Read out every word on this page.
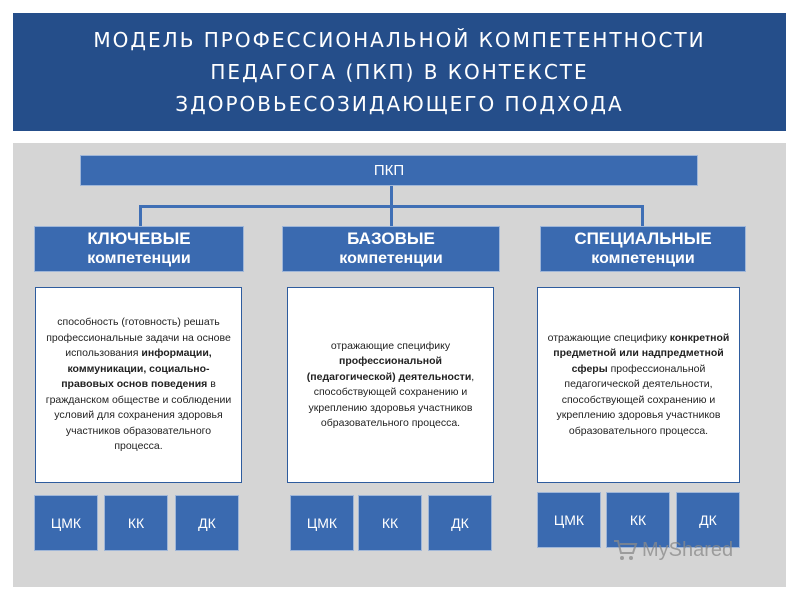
МОДЕЛЬ ПРОФЕССИОНАЛЬНОЙ КОМПЕТЕНТНОСТИ
ПЕДАГОГА (ПКП) В КОНТЕКСТЕ
ЗДОРОВЬЕСОЗИДАЮЩЕГО ПОДХОДА
ПКП
КЛЮЧЕВЫЕ
компетенции
способность (готовность) решать профессиональные задачи на основе использования информации, коммуникации, социально-правовых основ поведения в гражданском обществе и соблюдении условий для сохранения здоровья участников образовательного процесса.
ЦМК	КК	ДК
БАЗОВЫЕ
компетенции
отражающие специфику профессиональной (педагогической) деятельности, способствующей сохранению и укреплению здоровья участников образовательного процесса.
ЦМК	КК	ДК
СПЕЦИАЛЬНЫЕ
компетенции
отражающие специфику конкретной предметной или надпредметной сферы профессиональной педагогической деятельности, способствующей сохранению и укреплению здоровья участников образовательного процесса.
ЦМК	КК	ДК
MyShared
